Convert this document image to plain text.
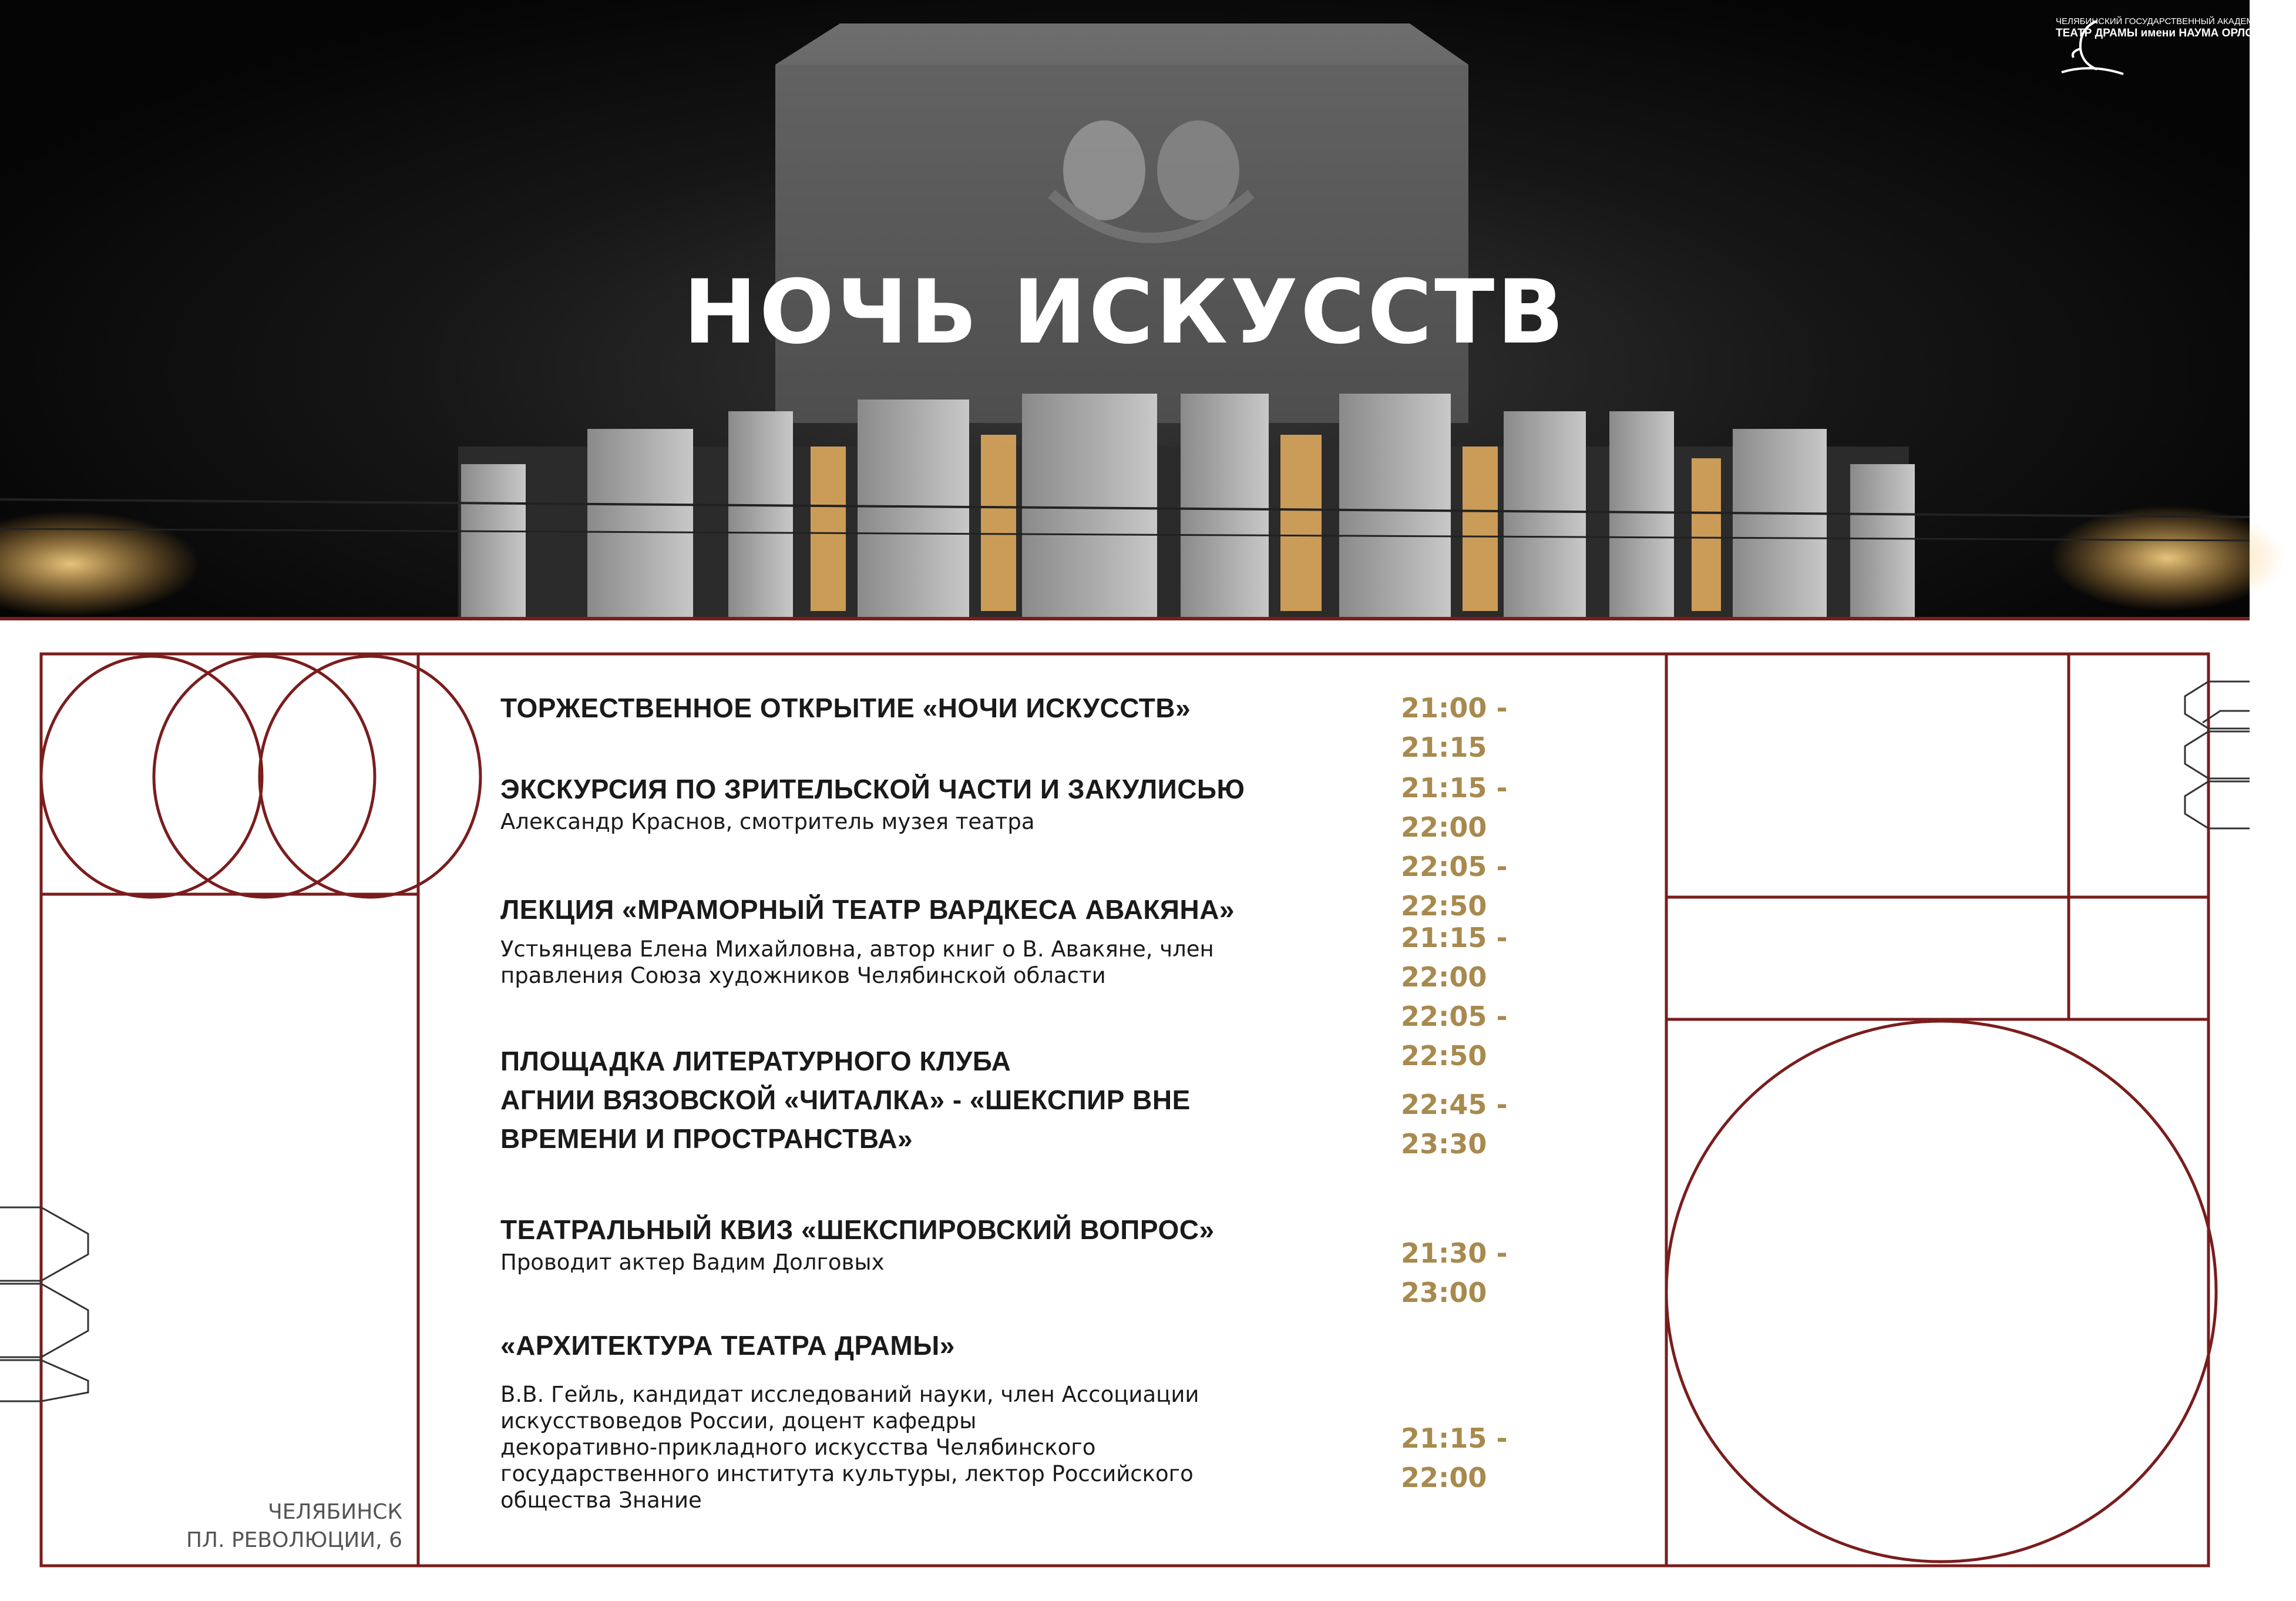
НОЧЬ ИСКУССТВ
ЧЕЛЯБИНСКИЙ ГОСУДАРСТВЕННЫЙ АКАДЕМИЧЕСКИЙ
ТЕАТР ДРАМЫ имени НАУМА ОРЛОВА

ТОРЖЕСТВЕННОЕ ОТКРЫТИЕ «НОЧИ ИСКУССТВ»	21:00 - 21:15

ЭКСКУРСИЯ ПО ЗРИТЕЛЬСКОЙ ЧАСТИ И ЗАКУЛИСЬЮ

Александр Краснов, смотритель музея театра

21:15 - 22:00
22:05 - 22:50

ЛЕКЦИЯ «МРАМОРНЫЙ ТЕАТР ВАРДКЕСА АВАКЯНА»

Устьянцева Елена Михайловна, автор книг о В. Авакяне, член

правления Союза художников Челябинской области

21:15 - 22:00
22:05 - 22:50

ПЛОЩАДКА ЛИТЕРАТУРНОГО КЛУБА

АГНИИ ВЯЗОВСКОЙ «ЧИТАЛКА» - «ШЕКСПИР ВНЕ

ВРЕМЕНИ И ПРОСТРАНСТВА»

22:45 - 23:30

ТЕАТРАЛЬНЫЙ КВИЗ «ШЕКСПИРОВСКИЙ ВОПРОС»

Проводит актер Вадим Долговых	21:30 - 23:00

«АРХИТЕКТУРА ТЕАТРА ДРАМЫ»

В.В. Гейль, кандидат исследований науки, член Ассоциации

искусствоведов России, доцент кафедры

декоративно-прикладного искусства Челябинского

государственного института культуры, лектор Российского

общества Знание

21:15 - 22:00
ЧЕЛЯБИНСК
ПЛ. РЕВОЛЮЦИИ, 6
